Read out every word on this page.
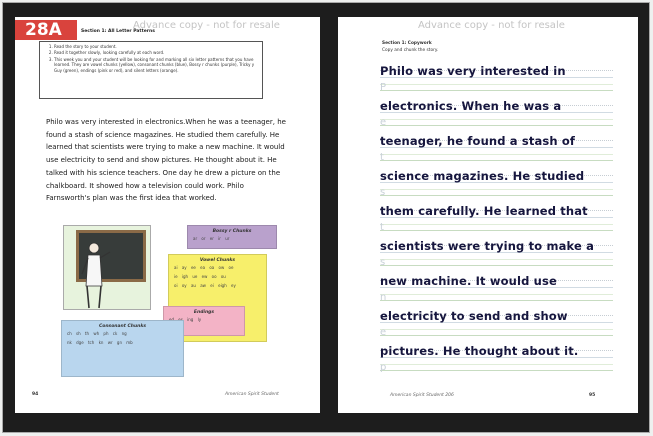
Advance copy - not for resale
28A	Section 1: All Letter Patterns
1. Read the story to your student.
2. Read it together slowly, looking carefully at each word.
3. This week you and your student will be looking for and marking all six letter patterns that you have learned. They are vowel chunks (yellow), consonant chunks (blue), Bossy r chunks (purple), Tricky y Guy (green), endings (pink or red), and silent letters (orange).

Philo was very interested in electronics.When he was a teenager, he found a stash of science magazines. He studied them carefully. He learned that scientists were trying to make a new machine. It would use electricity to send and show pictures. He thought about it. He talked with his science teachers. One day he drew a picture on the chalkboard. It showed how a television could work. Philo Farnsworth's plan was the first idea that worked.

Bossy r Chunks
ar or er ir ur
Vowel Chunks
ai ay ee ea oa ow oe
ie igh ue ew oo ou
oi oy au aw ei eigh ey
Endings
ing ly
Consonant Chunks
ch sh th wh ph ck ng
nk dge tch kn wr gn mb
94	American Spirit Student
Advance copy - not for resale
Section 1: Copywork
Copy and chunk the story.
Philo was very interested in
P
electronics. When he was a
e
teenager, he found a stash of
t
science magazines. He studied
s
them carefully. He learned that
t
scientists were trying to make a
s
new machine. It would use
n
electricity to send and show
e
pictures. He thought about it.
p
American Spirit Student 206	95
